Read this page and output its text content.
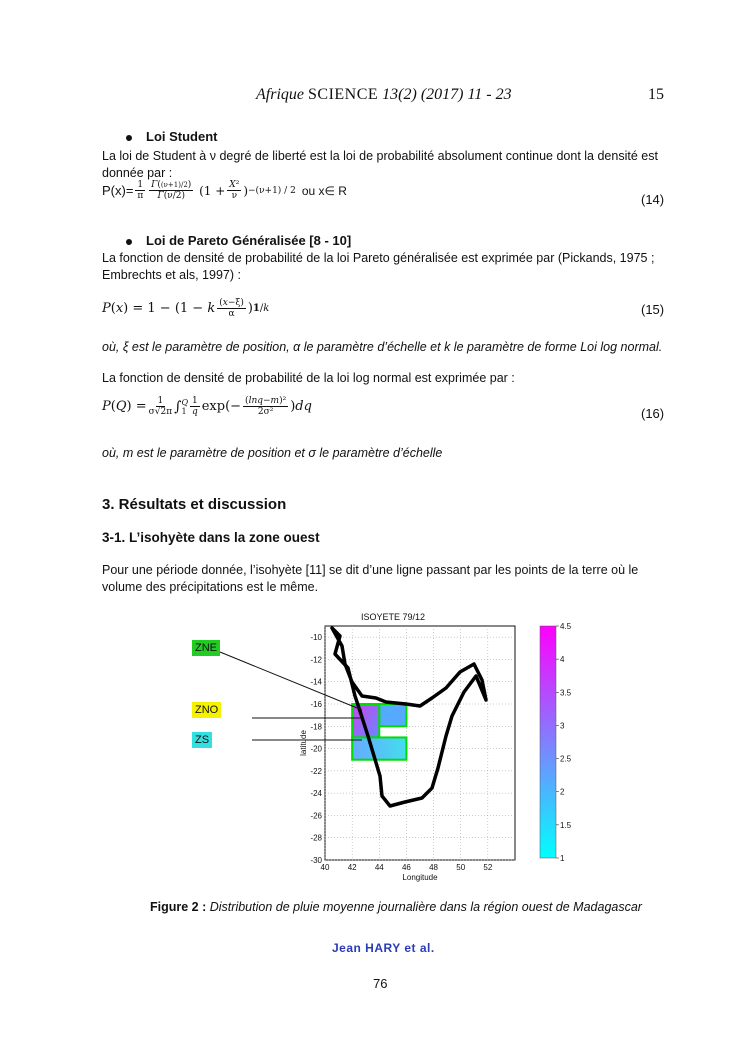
Afrique SCIENCE 13(2) (2017) 11 - 23	15
Loi Student
La loi de Student à ν degré de liberté est la loi de probabilité absolument continue dont la densité est donnée par :
$P(x)= \frac{1}{\pi} \frac{\Gamma((\nu+1)/2)}{\Gamma(\nu/2)} (1 + \frac{\text{X²}}{\nu}$ ) −(ν+1) / 2 ou x∈ R
(14)
Loi de Pareto Généralisée [8 - 10]
La fonction de densité de probabilité de la loi Pareto généralisée est exprimée par (Pickands, 1975 ; Embrechts et als, 1997) :
P(x) = 1 − (1 − k $\frac{(x-\xi)}{\alpha}$ ) 1/k	(15)
où, ξ est le paramètre de position, α le paramètre d’échelle et k le paramètre de forme Loi log normal.
La fonction de densité de probabilité de la loi log normal est exprimée par :
$P(Q) = \frac{1}{\sigma√2\pi}$ ∫ Q
$1 \frac{1}{q} \exp(- \frac{\text{(lnq−m)²}}{\text{2σ²}} )dq$	(16)
où, m est le paramètre de position et σ le paramètre d’échelle
3. Résultats et discussion
3-1. L’isohyète dans la zone ouest
Pour une période donnée, l’isohyète [11] se dit d’une ligne passant par les points de la terre où le volume des précipitations est le même.
ZNE
ZNO
ZS
ISOYETE 79/12
40 42 44 46 48 50 52
-10
-12
-14
-16
-18
-20
-22
-24
-26
-28
-30
Longitude
latitude
1
1.5
2
2.5
3
3.5
4
4.5
Figure 2 : Distribution de pluie moyenne journalière dans la région ouest de Madagascar
Jean HARY et al.
76
